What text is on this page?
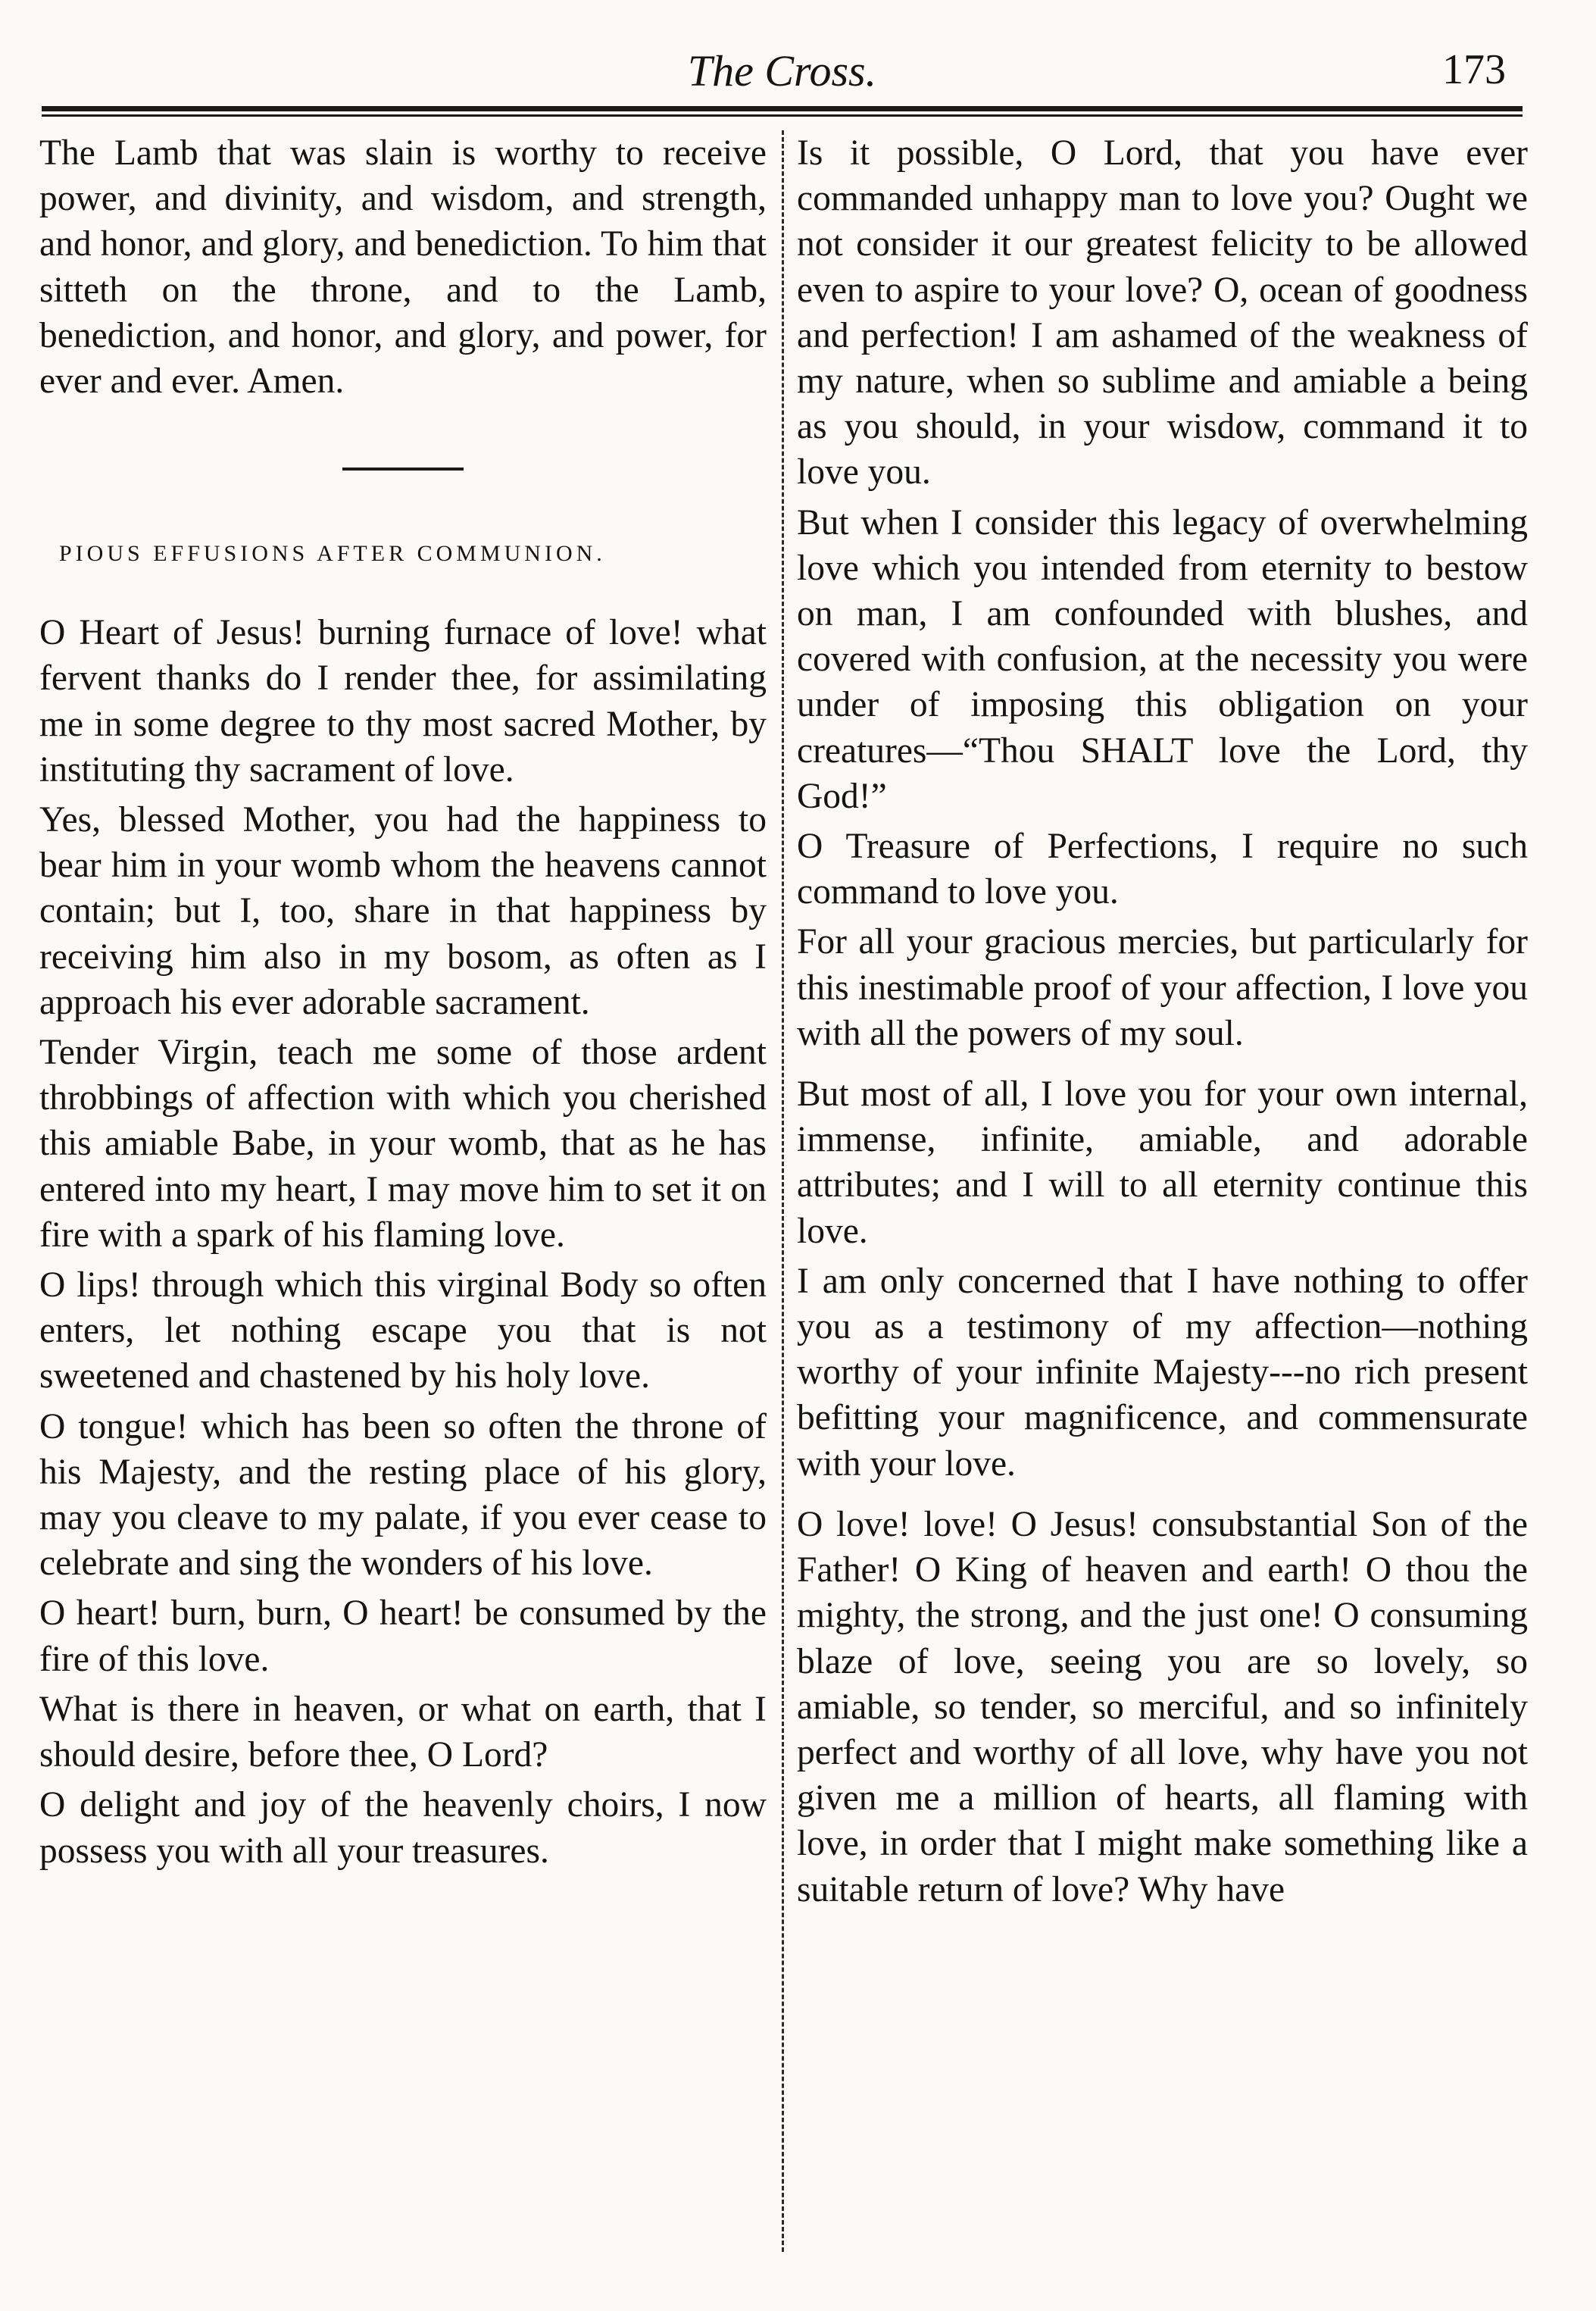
The Cross.	173

The Lamb that was slain is worthy to receive power, and divinity, and wisdom, and strength, and honor, and glory, and benediction. To him that sitteth on the throne, and to the Lamb, benediction, and honor, and glory, and power, for ever and ever. Amen.

PIOUS EFFUSIONS AFTER COMMUNION.

O Heart of Jesus! burning furnace of love! what fervent thanks do I render thee, for assimilating me in some degree to thy most sacred Mother, by instituting thy sacrament of love.

Yes, blessed Mother, you had the happiness to bear him in your womb whom the heavens cannot contain; but I, too, share in that happiness by receiving him also in my bosom, as often as I approach his ever adorable sacrament.

Tender Virgin, teach me some of those ardent throbbings of affection with which you cherished this amiable Babe, in your womb, that as he has entered into my heart, I may move him to set it on fire with a spark of his flaming love.

O lips! through which this virginal Body so often enters, let nothing escape you that is not sweetened and chastened by his holy love.

O tongue! which has been so often the throne of his Majesty, and the resting place of his glory, may you cleave to my palate, if you ever cease to celebrate and sing the wonders of his love.

O heart! burn, burn, O heart! be consumed by the fire of this love.

What is there in heaven, or what on earth, that I should desire, before thee, O Lord?

O delight and joy of the heavenly choirs, I now possess you with all your treasures.

Is it possible, O Lord, that you have ever commanded unhappy man to love you? Ought we not consider it our greatest felicity to be allowed even to aspire to your love? O, ocean of goodness and perfection! I am ashamed of the weakness of my nature, when so sublime and amiable a being as you should, in your wisdow, command it to love you.

But when I consider this legacy of overwhelming love which you intended from eternity to bestow on man, I am confounded with blushes, and covered with confusion, at the necessity you were under of imposing this obligation on your creatures—“Thou SHALT love the Lord, thy God!”

O Treasure of Perfections, I require no such command to love you.

For all your gracious mercies, but particularly for this inestimable proof of your affection, I love you with all the powers of my soul.

But most of all, I love you for your own internal, immense, infinite, amiable, and adorable attributes; and I will to all eternity continue this love.

I am only concerned that I have nothing to offer you as a testimony of my affection—nothing worthy of your infinite Majesty---no rich present befitting your magnificence, and commensurate with your love.

O love! love! O Jesus! consubstantial Son of the Father! O King of heaven and earth! O thou the mighty, the strong, and the just one! O consuming blaze of love, seeing you are so lovely, so amiable, so tender, so merciful, and so infinitely perfect and worthy of all love, why have you not given me a million of hearts, all flaming with love, in order that I might make something like a suitable return of love? Why have
